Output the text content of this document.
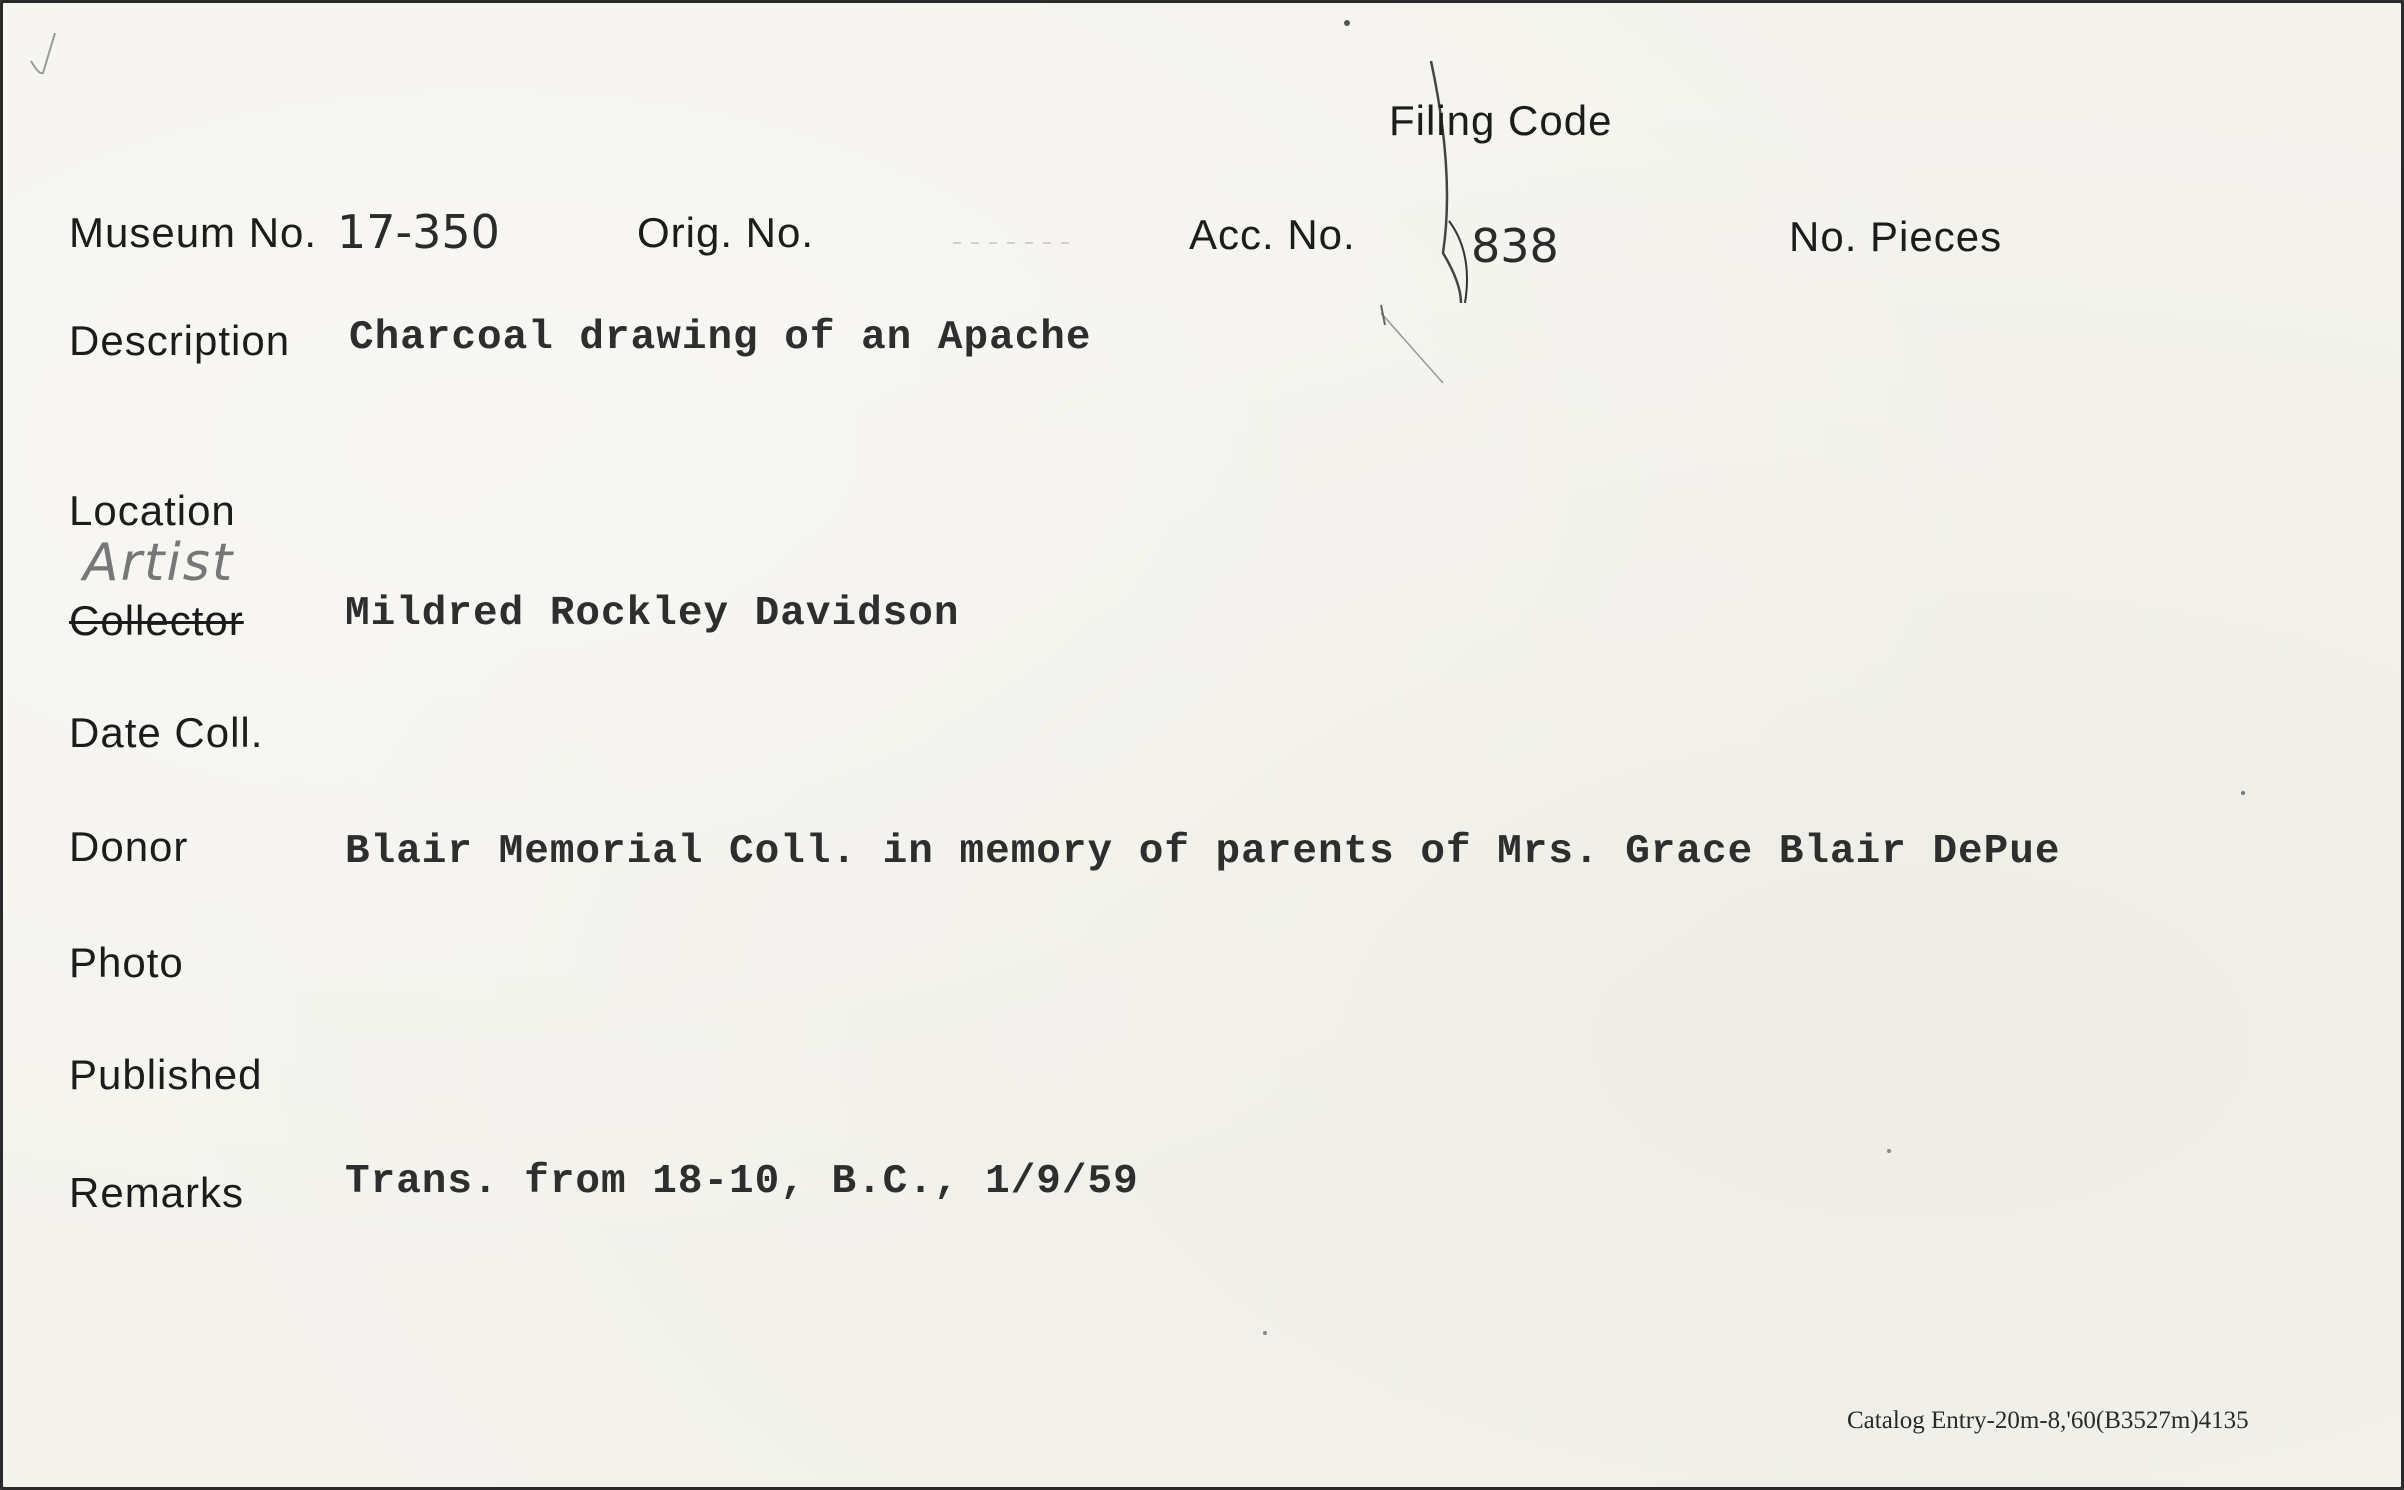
Filing Code
Museum No. 17-350	Orig. No.	Acc. No.	838	No. Pieces
Description Charcoal drawing of an Apache
Location
Artist
Collector Mildred Rockley Davidson
Date Coll.
Donor	Blair Memorial Coll. in memory of parents of Mrs. Grace Blair DePue
Photo
Published
Remarks Trans. from 18-10, B.C., 1/9/59
Catalog Entry-20m-8,'60(B3527m)4135
